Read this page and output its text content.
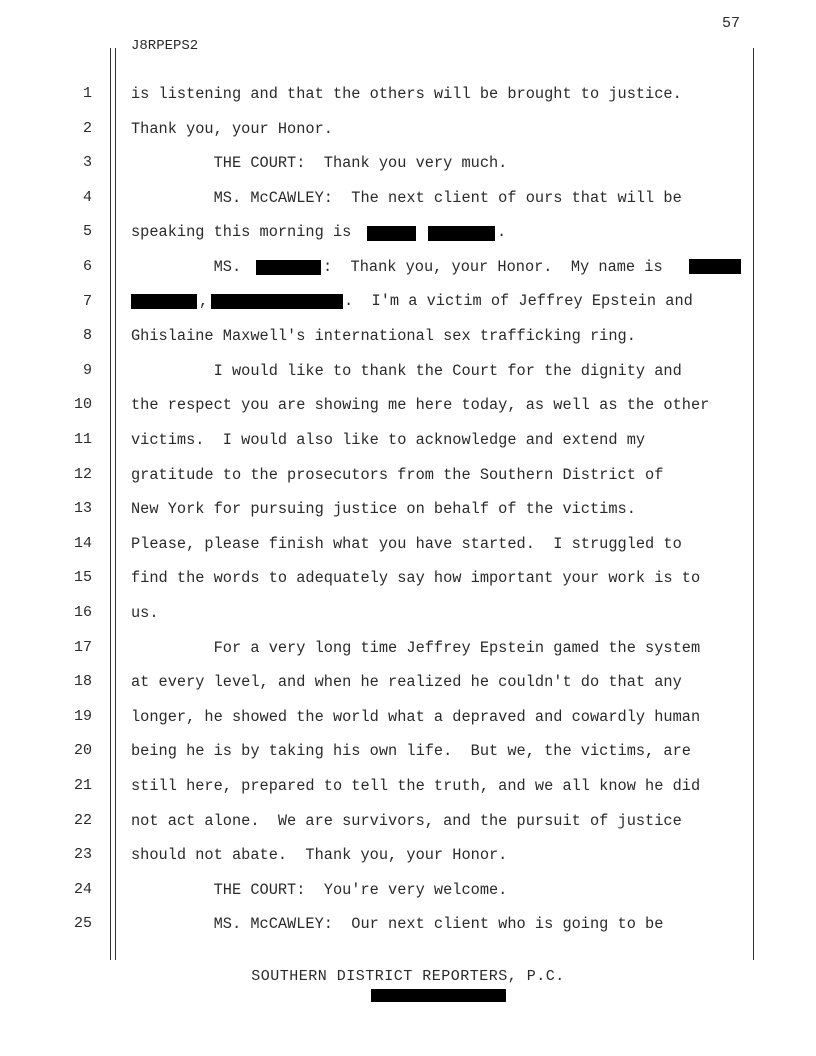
57
J8RPEPS2
1
2
3
4
5
6
7
8
9
10
11
12
13
14
15
16
17
18
19
20
21
22
23
24
25
is listening and that the others will be brought to justice.
Thank you, your Honor.
THE COURT:  Thank you very much.
MS. McCAWLEY:  The next client of ours that will be
speaking this morning is
MS.
Ghislaine Maxwell's international sex trafficking ring.
I would like to thank the Court for the dignity and
the respect you are showing me here today, as well as the other
victims.  I would also like to acknowledge and extend my
gratitude to the prosecutors from the Southern District of
New York for pursuing justice on behalf of the victims.
Please, please finish what you have started.  I struggled to
find the words to adequately say how important your work is to
us.
For a very long time Jeffrey Epstein gamed the system
at every level, and when he realized he couldn't do that any
longer, he showed the world what a depraved and cowardly human
being he is by taking his own life.  But we, the victims, are
still here, prepared to tell the truth, and we all know he did
not act alone.  We are survivors, and the pursuit of justice
should not abate.  Thank you, your Honor.
THE COURT:  You're very welcome.
MS. McCAWLEY:  Our next client who is going to be
.
:  Thank you, your Honor.  My name is
,	.  I'm a victim of Jeffrey Epstein and
SOUTHERN DISTRICT REPORTERS, P.C.
